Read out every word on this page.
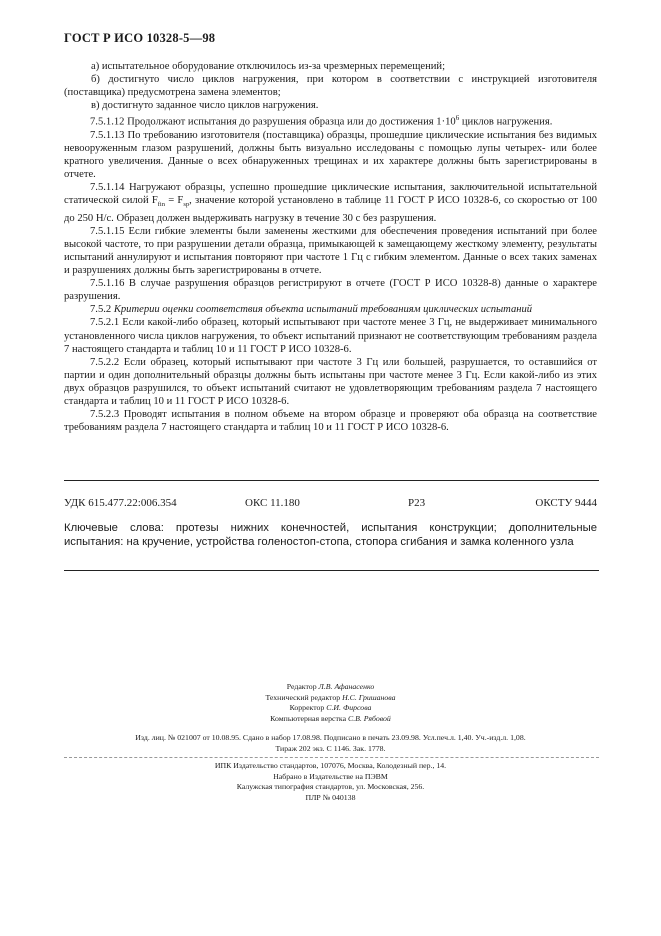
ГОСТ Р ИСО 10328-5—98

а) испытательное оборудование отключилось из-за чрезмерных перемещений;

б) достигнуто число циклов нагружения, при котором в соответствии с инструкцией изготовителя (поставщика) предусмотрена замена элементов;

в) достигнуто заданное число циклов нагружения.

7.5.1.12 Продолжают испытания до разрушения образца или до достижения $1\cdot 10^6$ циклов нагружения.

7.5.1.13 По требованию изготовителя (поставщика) образцы, прошедшие циклические испытания без видимых невооруженным глазом разрушений, должны быть визуально исследованы с помощью лупы четырех- или более кратного увеличения. Данные о всех обнаруженных трещинах и их характере должны быть зарегистрированы в отчете.

7.5.1.14 Нагружают образцы, успешно прошедшие циклические испытания, заключительной испытательной статической силой $F_{fin} = F_{sp}$, значение которой установлено в таблице 11 ГОСТ Р ИСО 10328-6, со скоростью от 100 до 250 Н/с. Образец должен выдерживать нагрузку в течение 30 с без разрушения.

7.5.1.15 Если гибкие элементы были заменены жесткими для обеспечения проведения испытаний при более высокой частоте, то при разрушении детали образца, примыкающей к замещающему жесткому элементу, результаты испытаний аннулируют и испытания повторяют при частоте 1 Гц с гибким элементом. Данные о всех таких заменах и разрушениях должны быть зарегистрированы в отчете.

7.5.1.16 В случае разрушения образцов регистрируют в отчете (ГОСТ Р ИСО 10328-8) данные о характере разрушения.

7.5.2 Критерии оценки соответствия объекта испытаний требованиям циклических испытаний

7.5.2.1 Если какой-либо образец, который испытывают при частоте менее 3 Гц, не выдерживает минимального установленного числа циклов нагружения, то объект испытаний признают не соответствующим требованиям раздела 7 настоящего стандарта и таблиц 10 и 11 ГОСТ Р ИСО 10328-6.

7.5.2.2 Если образец, который испытывают при частоте 3 Гц или большей, разрушается, то оставшийся от партии и один дополнительный образцы должны быть испытаны при частоте менее 3 Гц. Если какой-либо из этих двух образцов разрушился, то объект испытаний считают не удовлетворяющим требованиям раздела 7 настоящего стандарта и таблиц 10 и 11 ГОСТ Р ИСО 10328-6.

7.5.2.3 Проводят испытания в полном объеме на втором образце и проверяют оба образца на соответствие требованиям раздела 7 настоящего стандарта и таблиц 10 и 11 ГОСТ Р ИСО 10328-6.

УДК 615.477.22:006.354	ОКС 11.180	Р23	ОКСТУ 9444
Ключевые слова: протезы нижних конечностей, испытания конструкции; дополнительные испытания: на кручение, устройства голеностоп-стопа, стопора сгибания и замка коленного узла
Редактор Л.В. Афанасенко
Технический редактор Н.С. Гришанова
Корректор С.И. Фирсова
Компьютерная верстка С.В. Рябовой
Изд. лиц. № 021007 от 10.08.95. Сдано в набор 17.08.98. Подписано в печать 23.09.98. Усл.печ.л. 1,40. Уч.-изд.л. 1,08.
Тираж 202 экз. С 1146. Зак. 1778.
ИПК Издательство стандартов, 107076, Москва, Колодезный пер., 14.
Набрано в Издательстве на ПЭВМ
Калужская типография стандартов, ул. Московская, 256.
ПЛР № 040138
